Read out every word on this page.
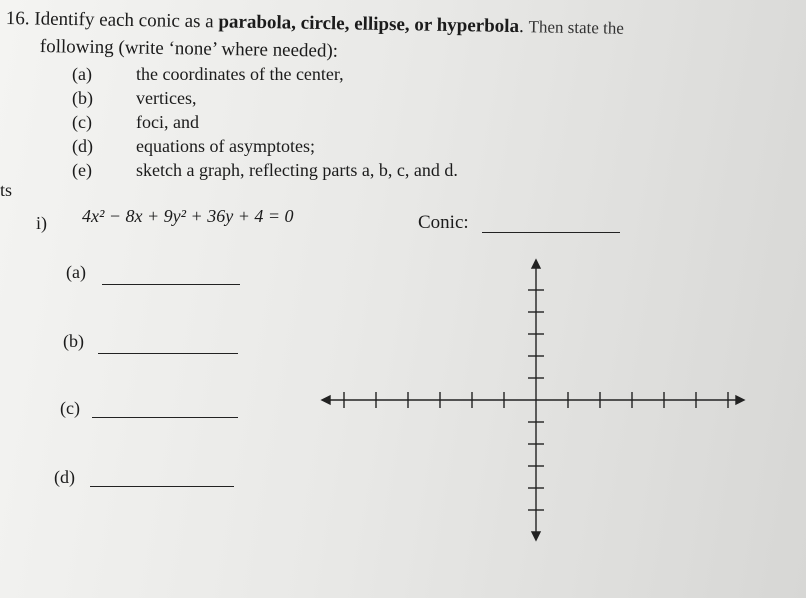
16. Identify each conic as a parabola, circle, ellipse, or hyperbola. Then state the
following (write ‘none’ where needed):
(a) the coordinates of the center,
(b) vertices,
(c) foci, and
(d) equations of asymptotes;
(e) sketch a graph, reflecting parts a, b, c, and d.
ts
i) 4x² − 8x + 9y² + 36y + 4 = 0	Conic:
(a)
(b)
(c)
(d)
